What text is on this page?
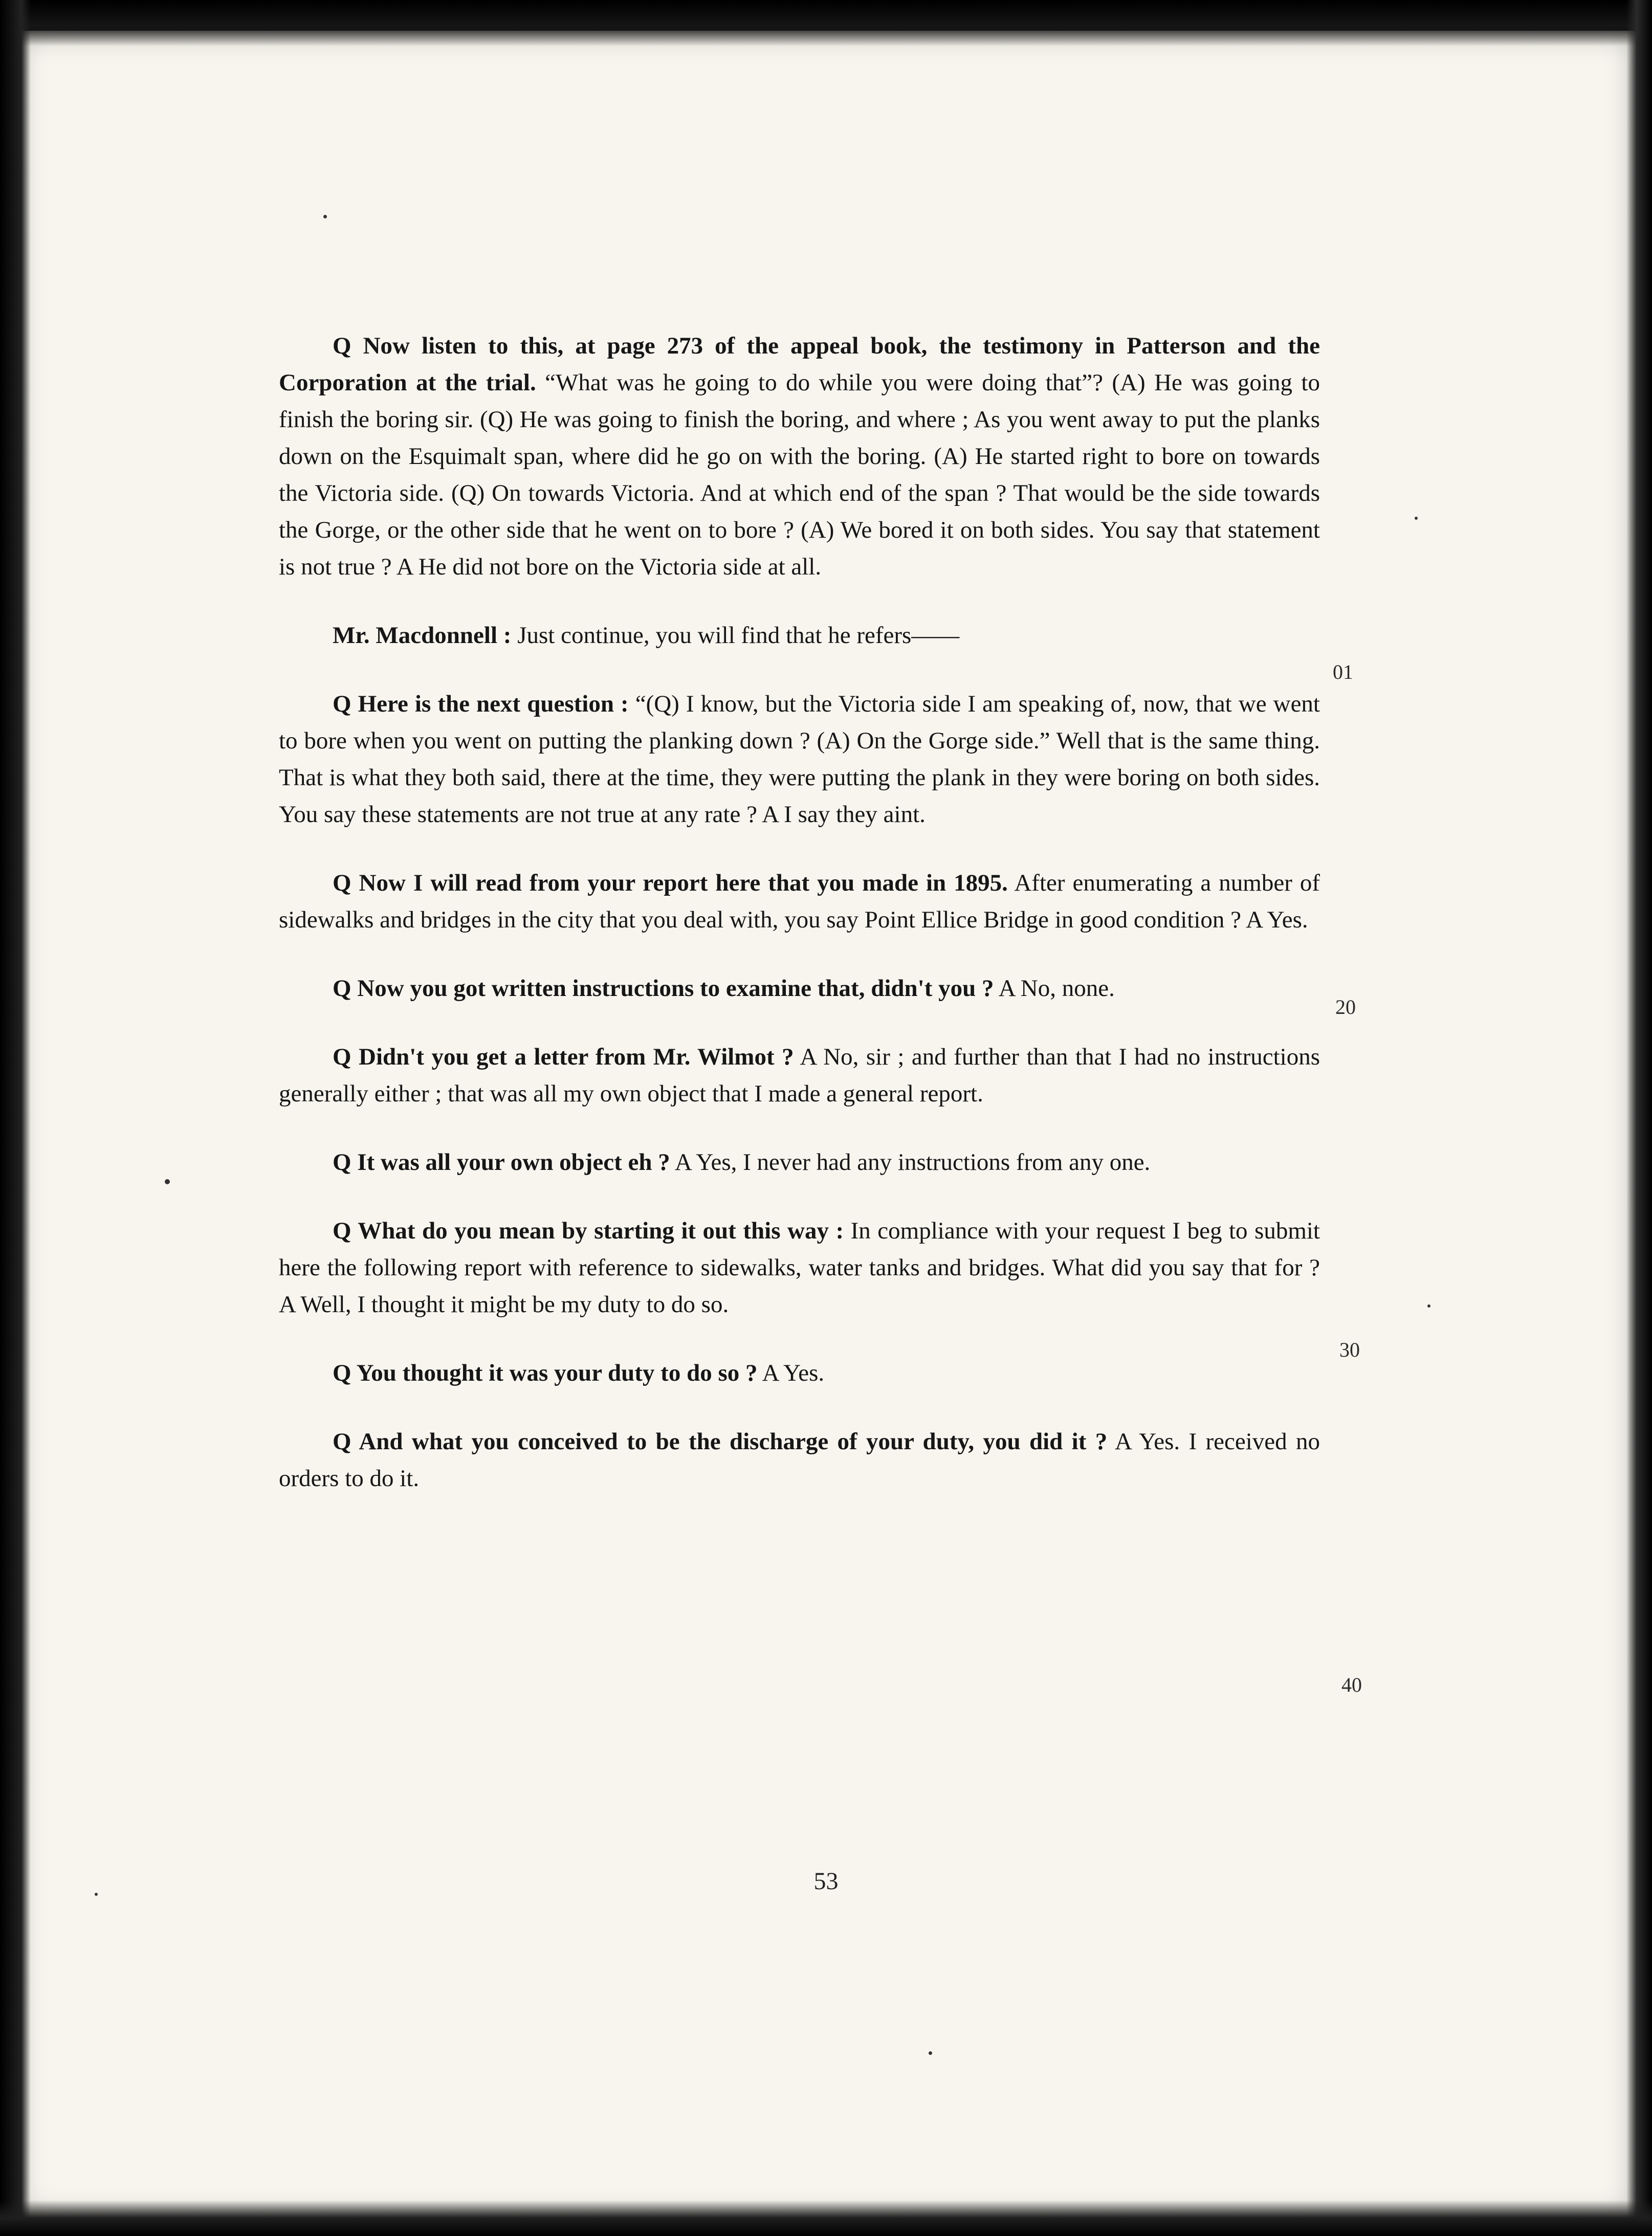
Q Now listen to this, at page 273 of the appeal book, the testimony in Patterson and the Corporation at the trial. “What was he going to do while you were doing that”? (A) He was going to finish the boring sir. (Q) He was going to finish the boring, and where ; As you went away to put the planks down on the Esquimalt span, where did he go on with the boring. (A) He started right to bore on towards the Victoria side. (Q) On towards Victoria. And at which end of the span ? That would be the side towards the Gorge, or the other side that he went on to bore ? (A) We bored it on both sides. You say that statement is not true ? A He did not bore on the Victoria side at all.

Mr. Macdonnell : Just continue, you will find that he refers——

Q Here is the next question : “(Q) I know, but the Victoria side I am speaking of, now, that we went to bore when you went on putting the planking down ? (A) On the Gorge side.” Well that is the same thing. That is what they both said, there at the time, they were putting the plank in they were boring on both sides. You say these statements are not true at any rate ? A I say they aint.

Q Now I will read from your report here that you made in 1895. After enumerating a number of sidewalks and bridges in the city that you deal with, you say Point Ellice Bridge in good condition ? A Yes.

Q Now you got written instructions to examine that, didn't you ? A No, none.

Q Didn't you get a letter from Mr. Wilmot ? A No, sir ; and further than that I had no instructions generally either ; that was all my own object that I made a general report.

Q It was all your own object eh ? A Yes, I never had any instructions from any one.

Q What do you mean by starting it out this way : In compliance with your request I beg to submit here the following report with reference to sidewalks, water tanks and bridges. What did you say that for ? A Well, I thought it might be my duty to do so.

Q You thought it was your duty to do so ? A Yes.

Q And what you conceived to be the discharge of your duty, you did it ? A Yes. I received no orders to do it.

01
20
30
40
53
